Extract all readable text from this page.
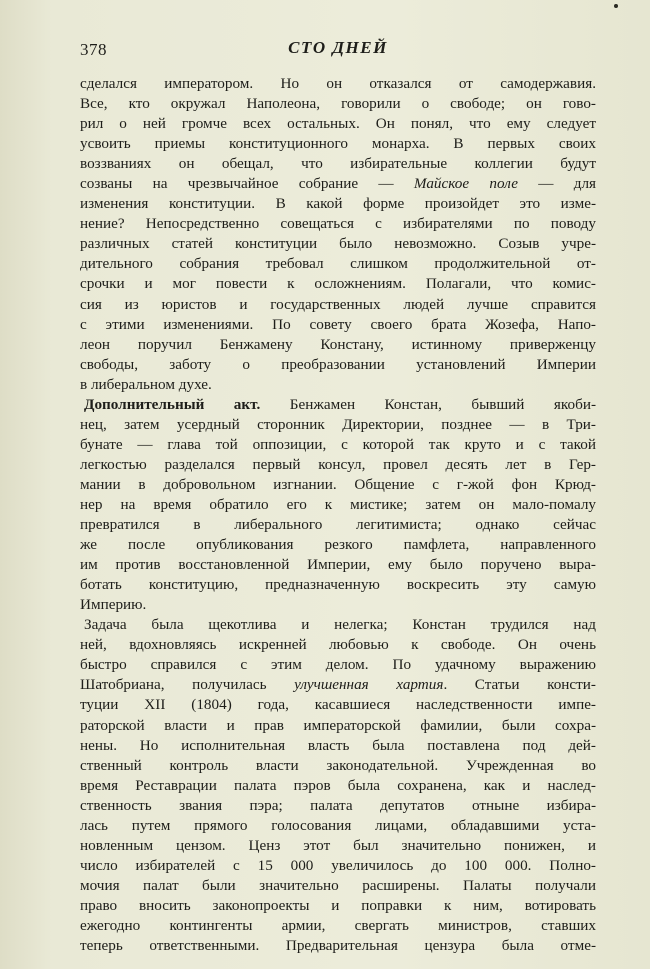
378	СТО ДНЕЙ
сделался императором. Но он отказался от самодержавия.
Все, кто окружал Наполеона, говорили о свободе; он гово-
рил о ней громче всех остальных. Он понял, что ему следует
усвоить приемы конституционного монарха. В первых своих
воззваниях он обещал, что избирательные коллегии будут
созваны на чрезвычайное собрание — Майское поле — для
изменения конституции. В какой форме произойдет это изме-
нение? Непосредственно совещаться с избирателями по поводу
различных статей конституции было невозможно. Созыв учре-
дительного собрания требовал слишком продолжительной от-
срочки и мог повести к осложнениям. Полагали, что комис-
сия из юристов и государственных людей лучше справится
с этими изменениями. По совету своего брата Жозефа, Напо-
леон поручил Бенжамену Констану, истинному приверженцу
свободы, заботу о преобразовании установлений Империи
в либеральном духе.
Дополнительный акт. Бенжамен Констан, бывший якоби-
нец, затем усердный сторонник Директории, позднее — в Три-
бунате — глава той оппозиции, с которой так круто и с такой
легкостью разделался первый консул, провел десять лет в Гер-
мании в добровольном изгнании. Общение с г-жой фон Крюд-
нер на время обратило его к мистике; затем он мало-помалу
превратился в либерального легитимиста; однако сейчас
же после опубликования резкого памфлета, направленного
им против восстановленной Империи, ему было поручено выра-
ботать конституцию, предназначенную воскресить эту самую
Империю.
Задача была щекотлива и нелегка; Констан трудился над
ней, вдохновляясь искренней любовью к свободе. Он очень
быстро справился с этим делом. По удачному выражению
Шатобриана, получилась улучшенная хартия. Статьи консти-
туции XII (1804) года, касавшиеся наследственности импе-
раторской власти и прав императорской фамилии, были сохра-
нены. Но исполнительная власть была поставлена под дей-
ственный контроль власти законодательной. Учрежденная во
время Реставрации палата пэров была сохранена, как и наслед-
ственность звания пэра; палата депутатов отныне избира-
лась путем прямого голосования лицами, обладавшими уста-
новленным цензом. Ценз этот был значительно понижен, и
число избирателей с 15 000 увеличилось до 100 000. Полно-
мочия палат были значительно расширены. Палаты получали
право вносить законопроекты и поправки к ним, вотировать
ежегодно контингенты армии, свергать министров, ставших
теперь ответственными. Предварительная цензура была отме-
